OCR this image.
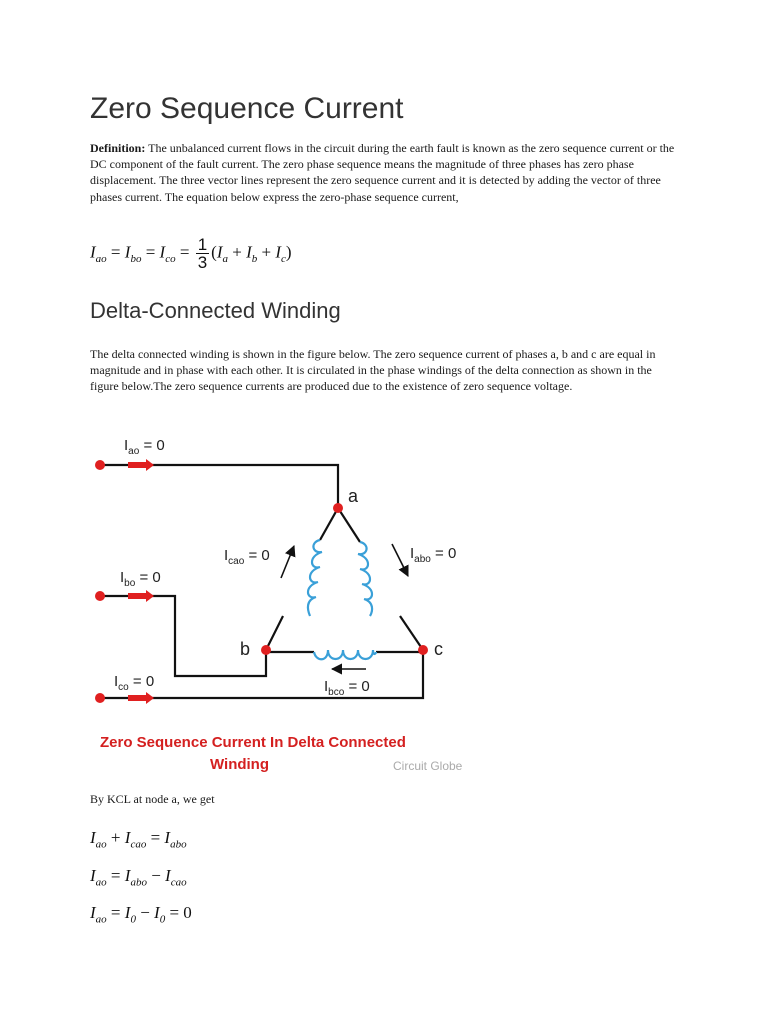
Zero Sequence Current

Definition: The unbalanced current flows in the circuit during the earth fault is known as the zero sequence current or the DC component of the fault current. The zero phase sequence means the magnitude of three phases has zero phase displacement. The three vector lines represent the zero sequence current and it is detected by adding the vector of three phases current. The equation below express the zero-phase sequence current,

$I_{ao} = I_{bo} = I_{co} = \frac{1}{3} (I_a + I_b + I_c)$
Delta-Connected Winding

The delta connected winding is shown in the figure below. The zero sequence current of phases a, b and c are equal in magnitude and in phase with each other. It is circulated in the phase windings of the delta connection as shown in the figure below.The zero sequence currents are produced due to the existence of zero sequence voltage.

$I_{ao} = 0$
$I_{bo} = 0$
$I_{co} = 0$
$I_{cao} = 0$	$I_{abo} = 0$
$I_{bco} = 0$
a
b	c
Zero Sequence Current In Delta Connected
Winding	Circuit Globe

By KCL at node a, we get

$I_{ao} + I_{cao} = I_{abo}$
$I_{ao} = I_{abo} - I_{cao}$
$I_{ao} = I_0 - I_0 = 0$
